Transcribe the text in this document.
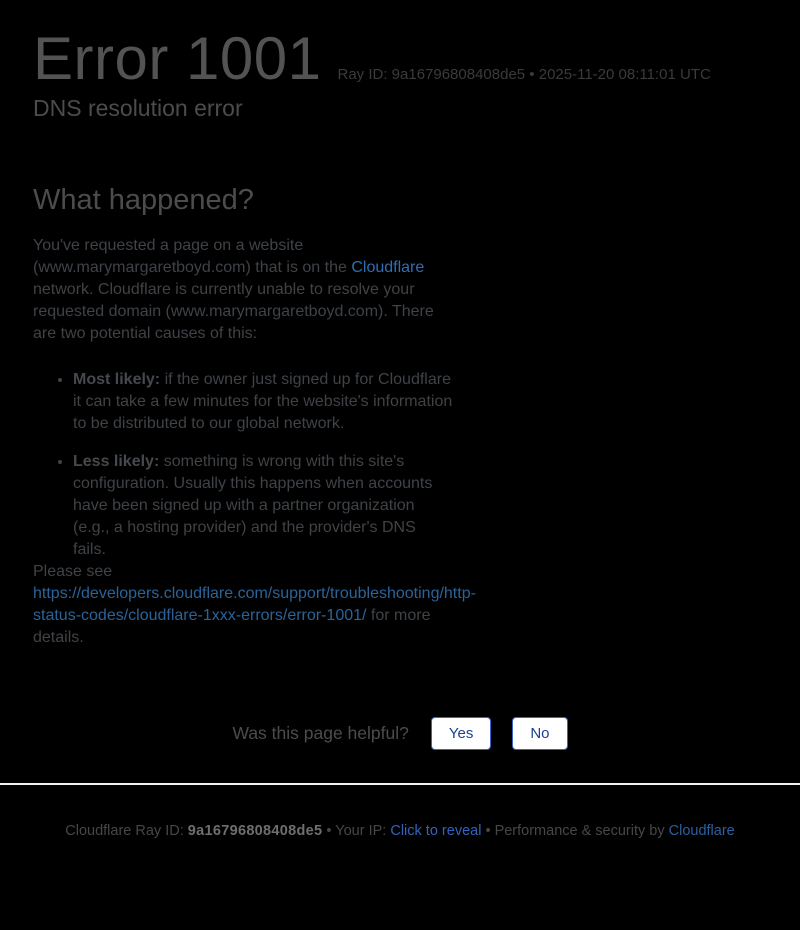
Error 1001 Ray ID: 9a16796808408de5 • 2025-11-20 08:11:01 UTC
DNS resolution error
What happened?

You've requested a page on a website (www.marymargaretboyd.com) that is on the Cloudflare network. Cloudflare is currently unable to resolve your requested domain (www.marymargaretboyd.com). There are two potential causes of this:

• Most likely: if the owner just signed up for Cloudflare it can take a few minutes for the website's information to be distributed to our global network.
• Less likely: something is wrong with this site's configuration. Usually this happens when accounts have been signed up with a partner organization (e.g., a hosting provider) and the provider's DNS fails.

Please see https://developers.cloudflare.com/support/troubleshooting/http-status-codes/cloudflare-1xxx-errors/error-1001/ for more details.

Was this page helpful?	Yes	No

Cloudflare Ray ID: 9a16796808408de5 • Your IP: Click to reveal • Performance & security by Cloudflare
